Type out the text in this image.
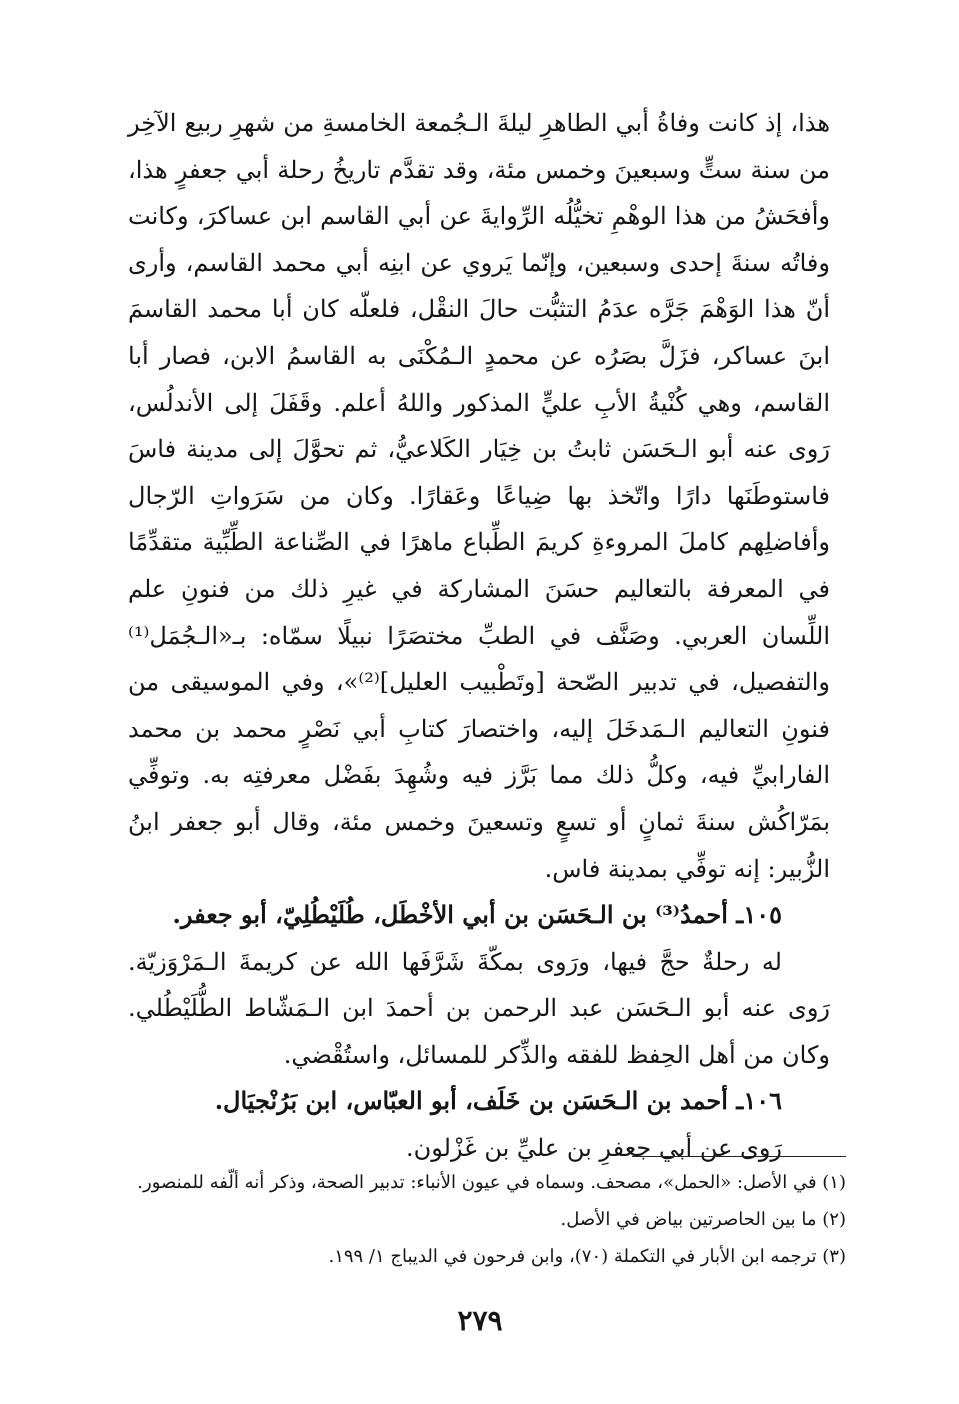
هذا، إذ كانت وفاةُ أبي الطاهرِ ليلةَ الـجُمعة الخامسةِ من شهرِ ربيع الآخِر من سنة ستٍّ وسبعينَ وخمس مئة، وقد تقدَّم تاريخُ رحلة أبي جعفرٍ هذا، وأفحَشُ من هذا الوهْمِ تخيُّلُه الرِّوايةَ عن أبي القاسم ابن عساكرَ، وكانت وفاتُه سنةَ إحدى وسبعين، وإنّما يَروي عن ابنِه أبي محمد القاسم، وأرى أنّ هذا الوَهْمَ جَرَّه عدَمُ التثبُّت حالَ النقْل، فلعلّه كان أبا محمد القاسمَ ابنَ عساكر، فزَلَّ بصَرُه عن محمدٍ الـمُكْنَى به القاسمُ الابن، فصار أبا القاسم، وهي كُنْيةُ الأبِ عليٍّ المذكور واللهُ أعلم. وقَفَلَ إلى الأندلُس، رَوى عنه أبو الـحَسَن ثابتُ بن خِيَار الكَلاعيُّ، ثم تحوَّلَ إلى مدينة فاسَ فاستوطَنَها دارًا واتّخذ بها ضِياعًا وعَقارًا. وكان من سَرَواتِ الرّجال وأفاضلِهم كاملَ المروءةِ كريمَ الطِّباع ماهرًا في الصِّناعة الطِّبِّية متقدِّمًا في المعرفة بالتعاليم حسَنَ المشاركة في غيرِ ذلك من فنونِ علم اللِّسان العربي. وصَنَّف في الطبِّ مختصَرًا نبيلًا سمّاه: بـ«الـجُمَل⁽¹⁾ والتفصيل، في تدبير الصّحة [وتَطْبيب العليل]⁽²⁾»، وفي الموسيقى من فنونِ التعاليم الـمَدخَلَ إليه، واختصارَ كتابِ أبي نَصْرٍ محمد بن محمد الفارابيِّ فيه، وكلُّ ذلك مما بَرَّز فيه وشُهِدَ بفَضْل معرفتِه به. وتوفِّي بمَرّاكُش سنةَ ثمانٍ أو تسعٍ وتسعينَ وخمس مئة، وقال أبو جعفر ابنُ الزُّبير: إنه توفِّي بمدينة فاس.

١٠٥ـ أحمدُ⁽³⁾ بن الـحَسَن بن أبي الأخْطَل، طُلَيْطُلِيّ، أبو جعفر.

له رحلةٌ حجَّ فيها، ورَوى بمكّةَ شَرَّفَها الله عن كريمةَ الـمَرْوَزيّة. رَوى عنه أبو الـحَسَن عبد الرحمن بن أحمدَ ابن الـمَشّاط الطُّلَيْطُلي. وكان من أهل الحِفظ للفقه والذِّكر للمسائل، واستُقْضي.

١٠٦ـ أحمد بن الـحَسَن بن خَلَف، أبو العبّاس، ابن بَرُنْجيَال.

رَوى عن أبي جعفرِ بن عليِّ بن غَزْلون.

(١) في الأصل: «الحمل»، مصحف. وسماه في عيون الأنباء: تدبير الصحة، وذكر أنه ألّفه للمنصور.

(٢) ما بين الحاصرتين بياض في الأصل.

(٣) ترجمه ابن الأبار في التكملة (٧٠)، وابن فرحون في الديباج ١/ ١٩٩.

٢٧٩
